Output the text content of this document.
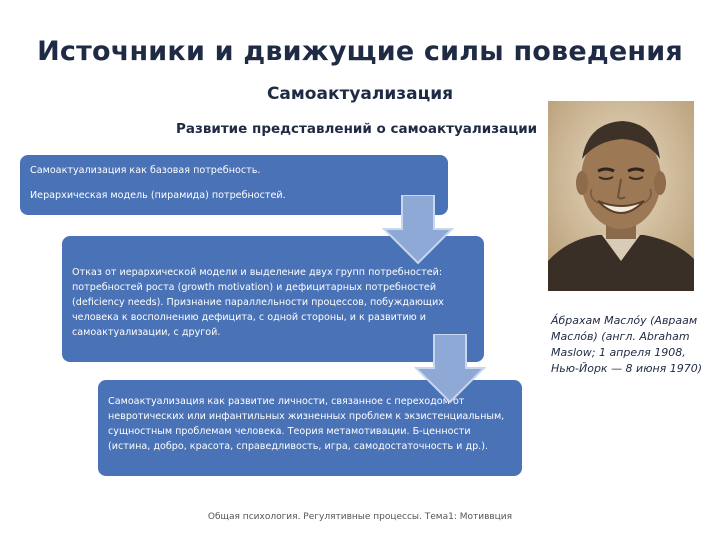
Источники и движущие силы поведения
Самоактуализация
Развитие представлений о самоактуализации

Самоактуализация как базовая потребность.

Иерархическая модель (пирамида) потребностей.

Отказ от иерархической модели и выделение двух групп потребностей: потребностей роста (growth motivation) и дефицитарных потребностей (deficiency needs). Признание параллельности процессов, побуждающих человека к восполнению дефицита, с одной стороны, и к развитию и самоактуализации, с другой.

Самоактуализация как развитие личности, связанное с переходом от невротических или инфантильных жизненных проблем к экзистенциальным, сущностным проблемам человека. Теория метамотивации. Б-ценности (истина, добро, красота, справедливость, игра, самодостаточность и др.).

А́брахам Маслóу (Авраам Маслóв) (англ. Abraham Maslow; 1 апреля 1908, Нью-Йорк — 8 июня 1970)
Общая психология. Регулятивные процессы. Тема1: Мотиввция
